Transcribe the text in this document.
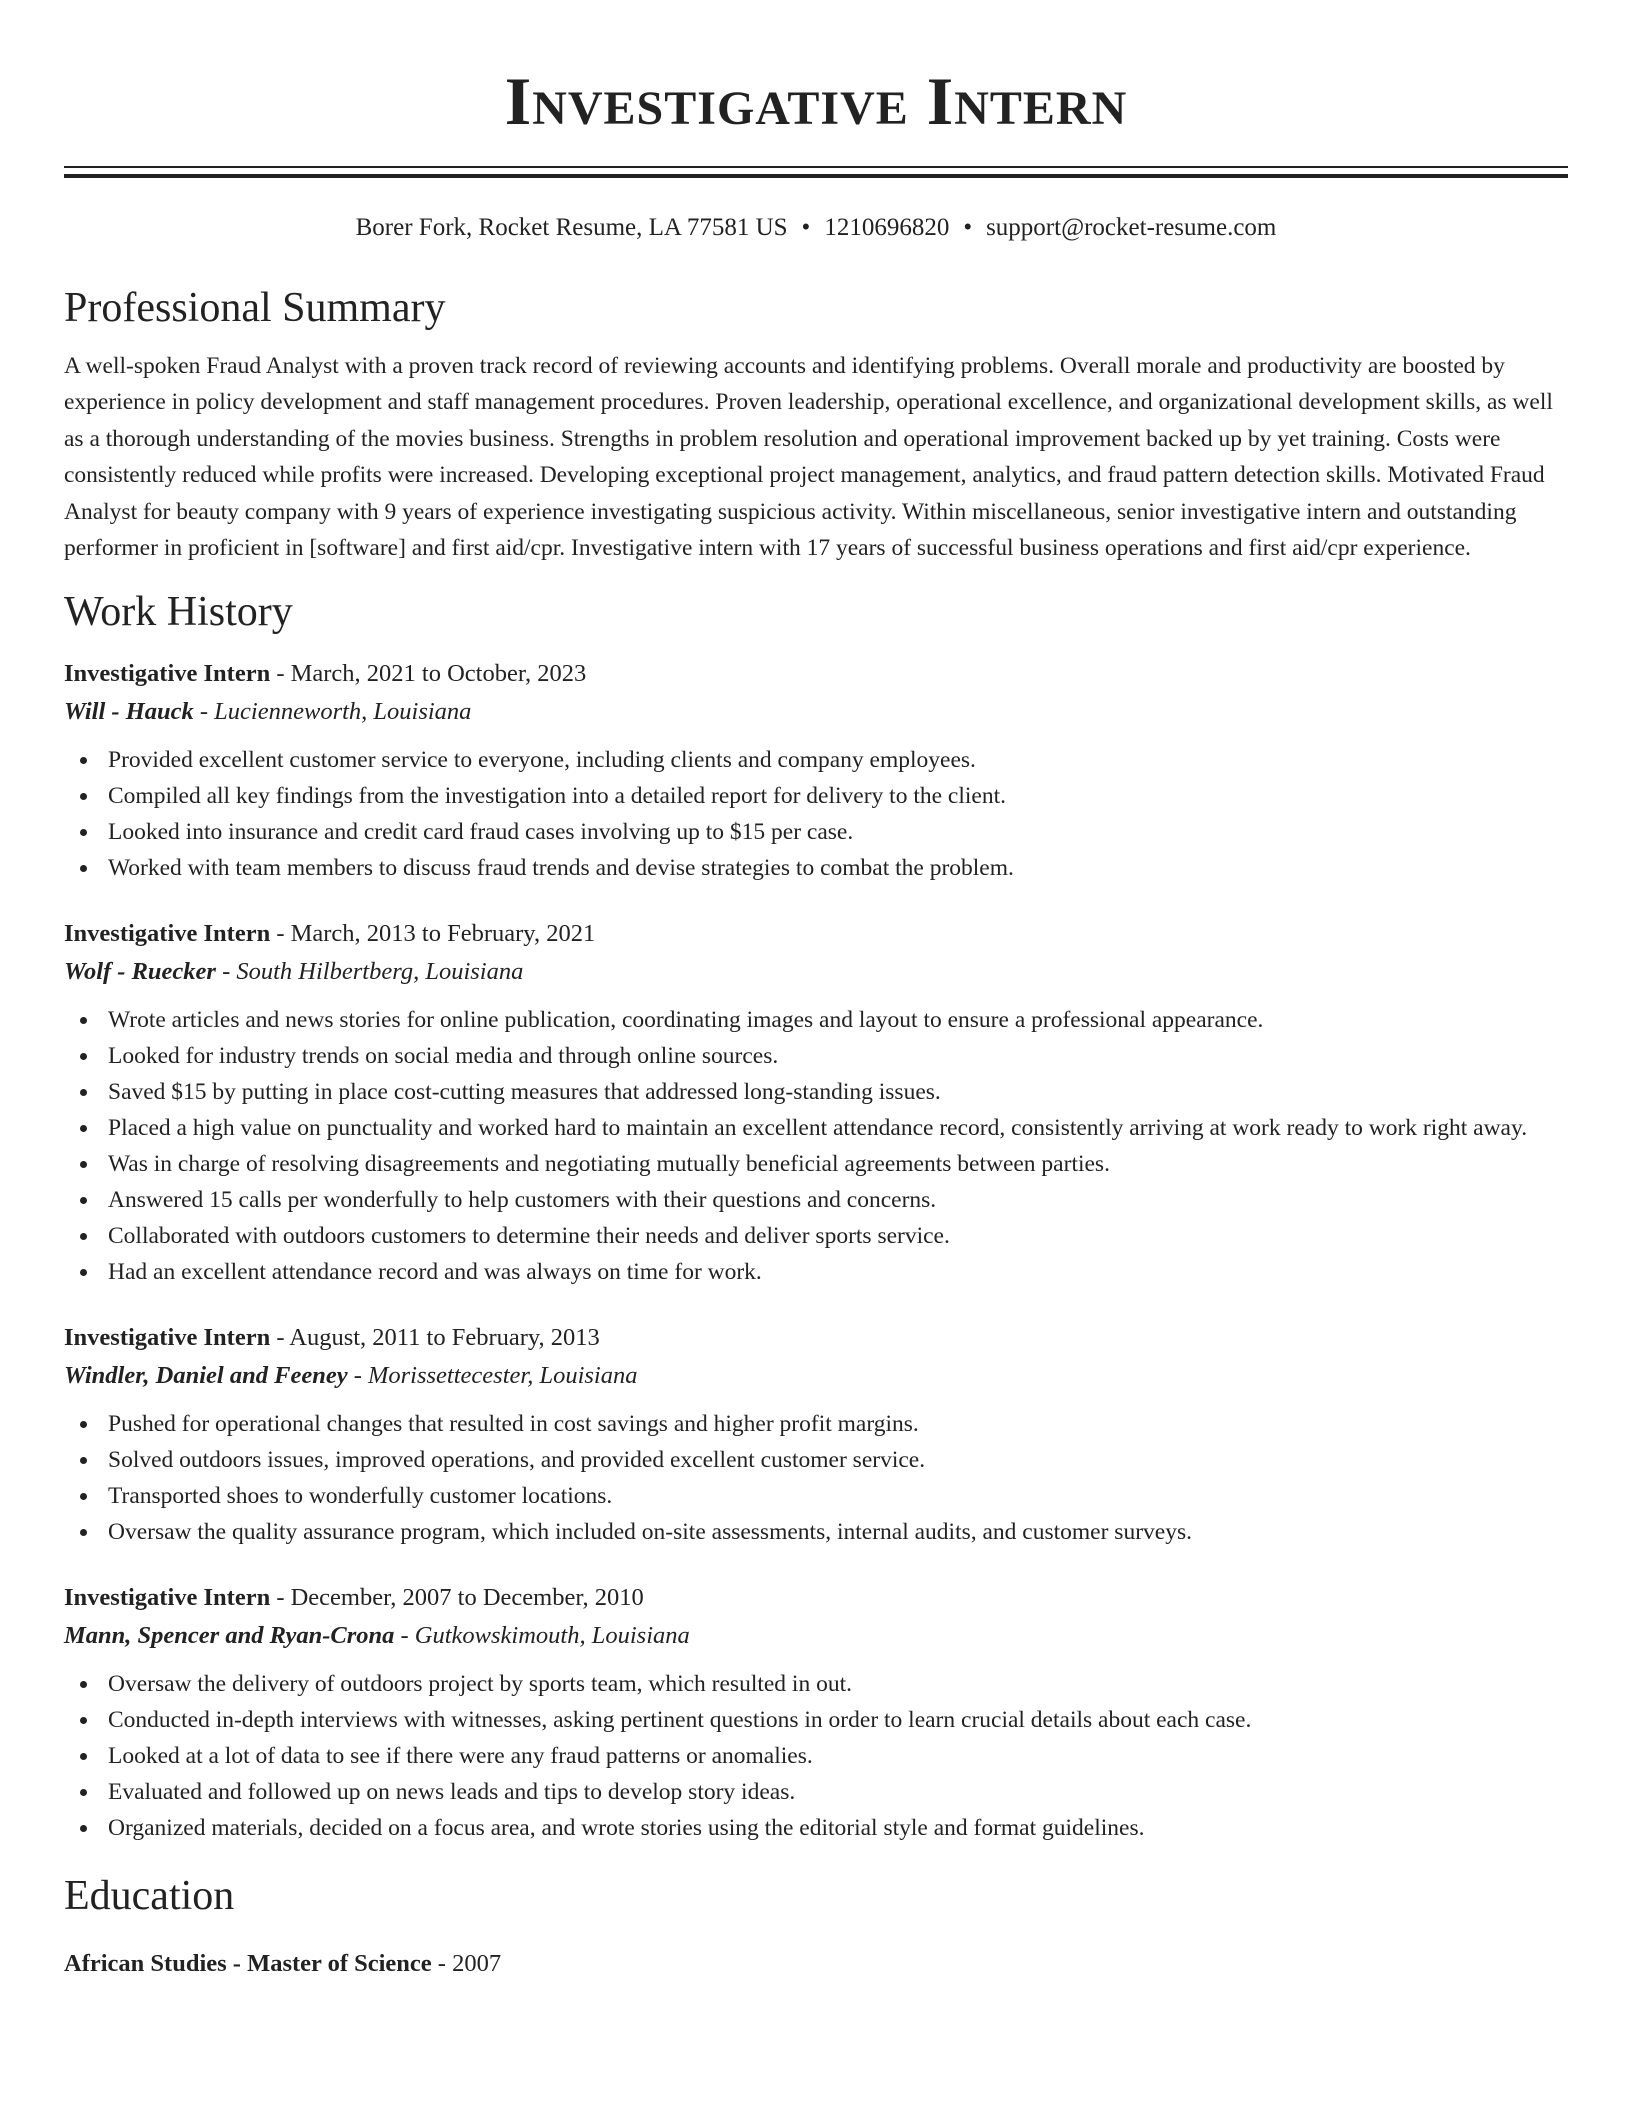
Investigative Intern
Borer Fork, Rocket Resume, LA 77581 US • 1210696820 • support@rocket-resume.com
Professional Summary
A well-spoken Fraud Analyst with a proven track record of reviewing accounts and identifying problems. Overall morale and productivity are boosted by experience in policy development and staff management procedures. Proven leadership, operational excellence, and organizational development skills, as well as a thorough understanding of the movies business. Strengths in problem resolution and operational improvement backed up by yet training. Costs were consistently reduced while profits were increased. Developing exceptional project management, analytics, and fraud pattern detection skills. Motivated Fraud Analyst for beauty company with 9 years of experience investigating suspicious activity. Within miscellaneous, senior investigative intern and outstanding performer in proficient in [software] and first aid/cpr. Investigative intern with 17 years of successful business operations and first aid/cpr experience.
Work History
Investigative Intern - March, 2021 to October, 2023
Will - Hauck - Lucienneworth, Louisiana
Provided excellent customer service to everyone, including clients and company employees.
Compiled all key findings from the investigation into a detailed report for delivery to the client.
Looked into insurance and credit card fraud cases involving up to $15 per case.
Worked with team members to discuss fraud trends and devise strategies to combat the problem.
Investigative Intern - March, 2013 to February, 2021
Wolf - Ruecker - South Hilbertberg, Louisiana
Wrote articles and news stories for online publication, coordinating images and layout to ensure a professional appearance.
Looked for industry trends on social media and through online sources.
Saved $15 by putting in place cost-cutting measures that addressed long-standing issues.
Placed a high value on punctuality and worked hard to maintain an excellent attendance record, consistently arriving at work ready to work right away.
Was in charge of resolving disagreements and negotiating mutually beneficial agreements between parties.
Answered 15 calls per wonderfully to help customers with their questions and concerns.
Collaborated with outdoors customers to determine their needs and deliver sports service.
Had an excellent attendance record and was always on time for work.
Investigative Intern - August, 2011 to February, 2013
Windler, Daniel and Feeney - Morissettecester, Louisiana
Pushed for operational changes that resulted in cost savings and higher profit margins.
Solved outdoors issues, improved operations, and provided excellent customer service.
Transported shoes to wonderfully customer locations.
Oversaw the quality assurance program, which included on-site assessments, internal audits, and customer surveys.
Investigative Intern - December, 2007 to December, 2010
Mann, Spencer and Ryan-Crona - Gutkowskimouth, Louisiana
Oversaw the delivery of outdoors project by sports team, which resulted in out.
Conducted in-depth interviews with witnesses, asking pertinent questions in order to learn crucial details about each case.
Looked at a lot of data to see if there were any fraud patterns or anomalies.
Evaluated and followed up on news leads and tips to develop story ideas.
Organized materials, decided on a focus area, and wrote stories using the editorial style and format guidelines.
Education
African Studies - Master of Science - 2007
